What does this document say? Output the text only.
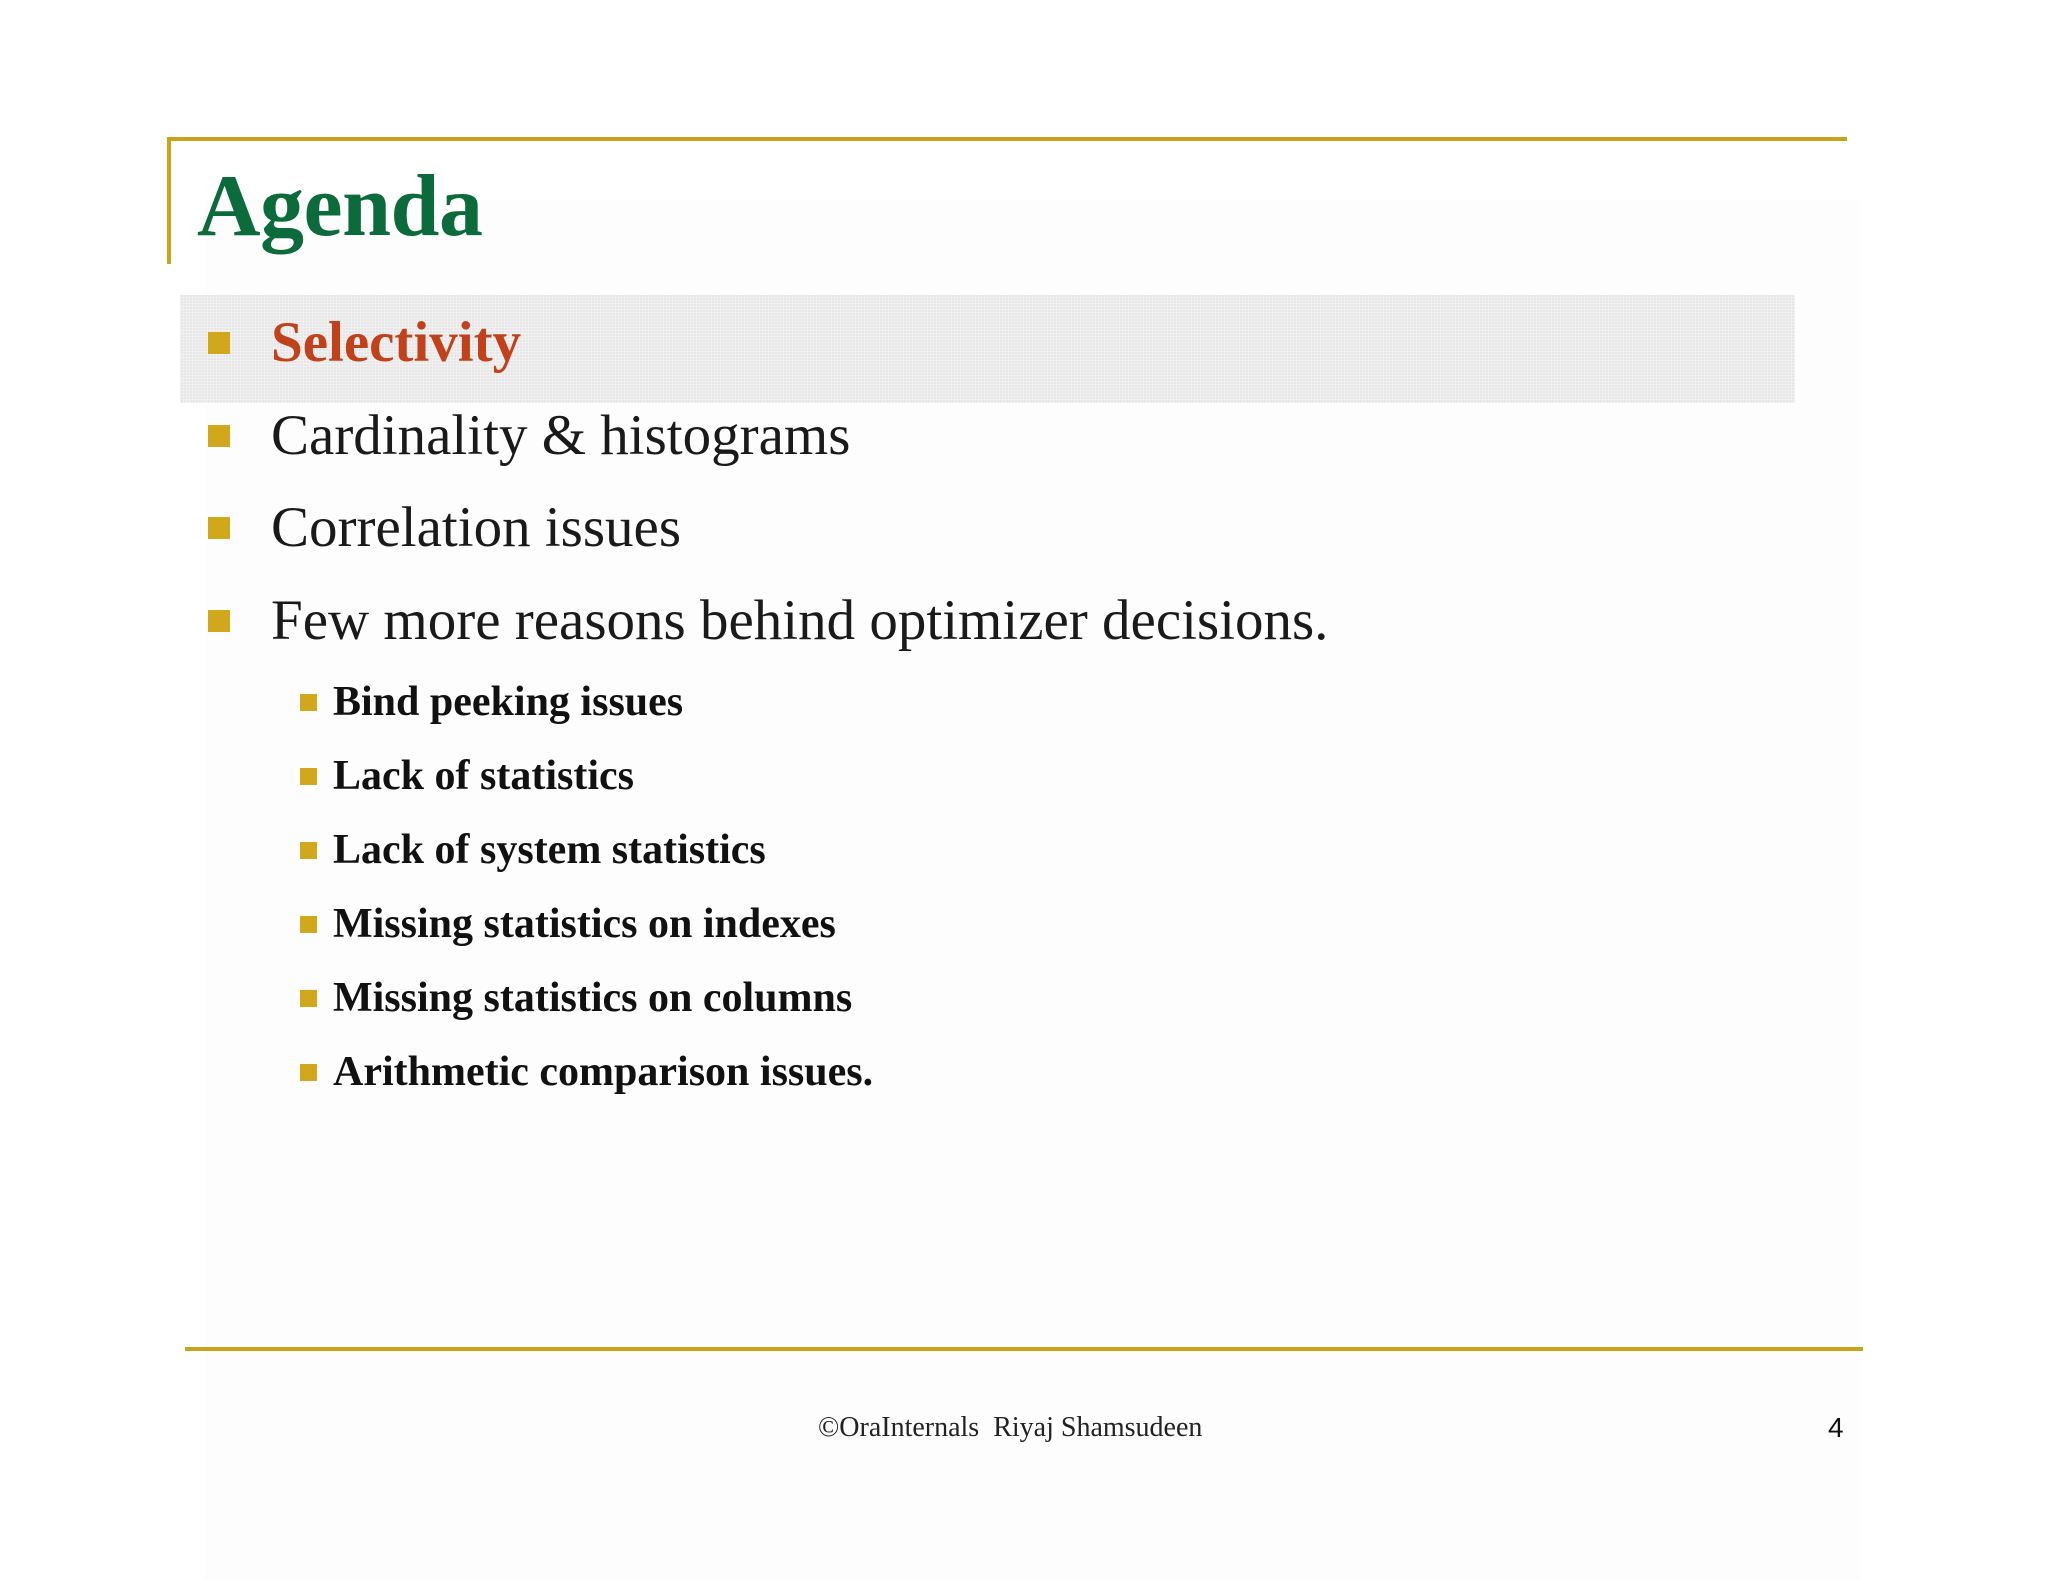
Agenda
Selectivity
Cardinality & histograms
Correlation issues
Few more reasons behind optimizer decisions.
Bind peeking issues
Lack of statistics
Lack of system statistics
Missing statistics on indexes
Missing statistics on columns
Arithmetic comparison issues.
©OraInternals  Riyaj Shamsudeen	4
